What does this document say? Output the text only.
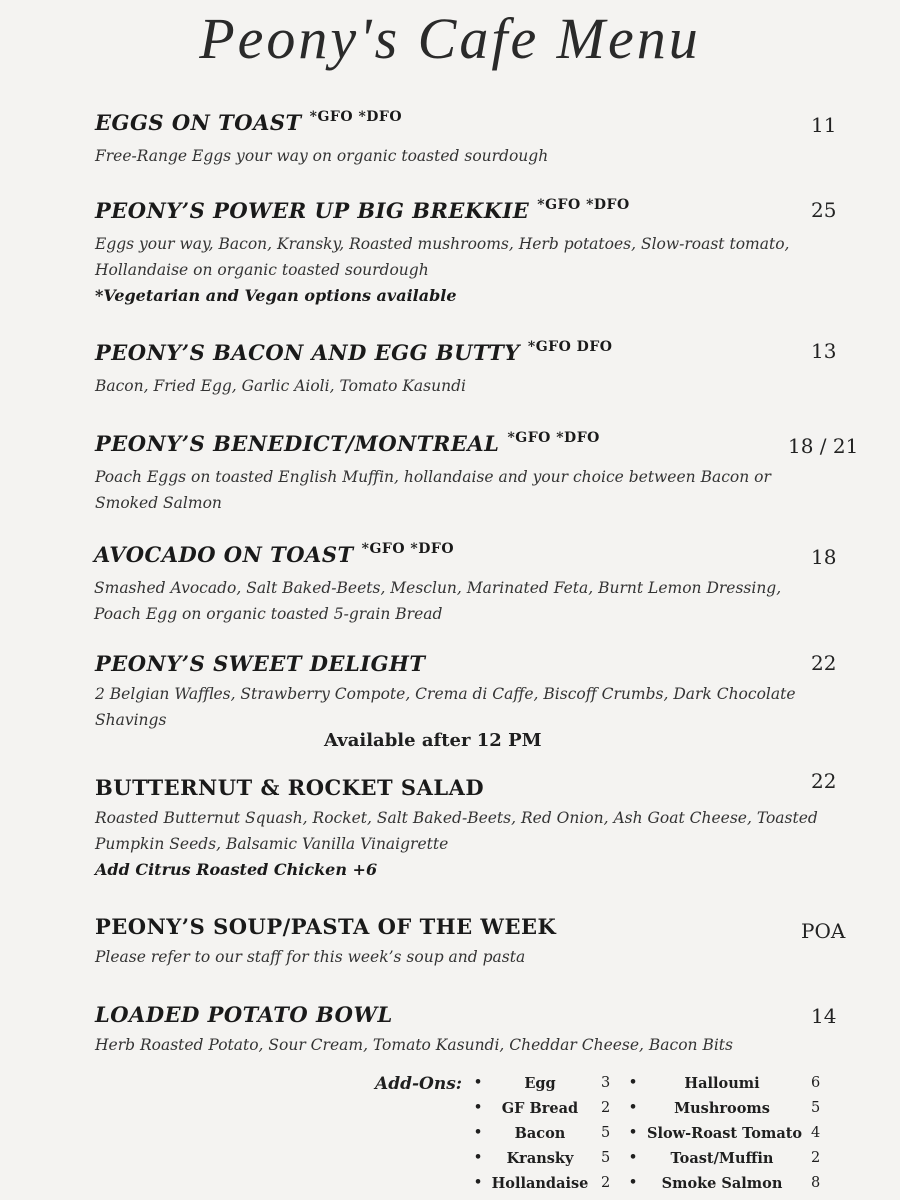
Peony's Cafe Menu
EGGS ON TOAST $^{*GFO *DFO}$
Free-Range Eggs your way on organic toasted sourdough
11
PEONY’S POWER UP BIG BREKKIE $^{*GFO *DFO}$
Eggs your way, Bacon, Kransky, Roasted mushrooms, Herb potatoes, Slow-roast tomato, Hollandaise on organic toasted sourdough
*Vegetarian and Vegan options available
25
PEONY’S BACON AND EGG BUTTY $^{*GFO DFO}$
Bacon, Fried Egg, Garlic Aioli, Tomato Kasundi
13
PEONY’S BENEDICT/MONTREAL $^{*GFO *DFO}$
Poach Eggs on toasted English Muffin, hollandaise and your choice between Bacon or Smoked Salmon
18 / 21
AVOCADO ON TOAST $^{*GFO *DFO}$
Smashed Avocado, Salt Baked-Beets, Mesclun, Marinated Feta, Burnt Lemon Dressing, Poach Egg on organic toasted 5-grain Bread
18
PEONY’S SWEET DELIGHT
2 Belgian Waffles, Strawberry Compote, Crema di Caffe, Biscoff Crumbs, Dark Chocolate Shavings
22
Available after 12 PM
BUTTERNUT & ROCKET SALAD
Roasted Butternut Squash, Rocket, Salt Baked-Beets, Red Onion, Ash Goat Cheese, Toasted Pumpkin Seeds, Balsamic Vanilla Vinaigrette
Add Citrus Roasted Chicken +6
22
PEONY’S SOUP/PASTA OF THE WEEK
Please refer to our staff for this week’s soup and pasta
POA
LOADED POTATO BOWL
Herb Roasted Potato, Sour Cream, Tomato Kasundi, Cheddar Cheese, Bacon Bits
14
Add-Ons: •	Egg	3
•	GF Bread	2
•	Bacon	5
•	Kransky	5
• Hollandaise 2
•	Halloumi	6
•	Mushrooms	5
• Slow-Roast Tomato 4
•	Toast/Muffin	2
•	Smoke Salmon	8
